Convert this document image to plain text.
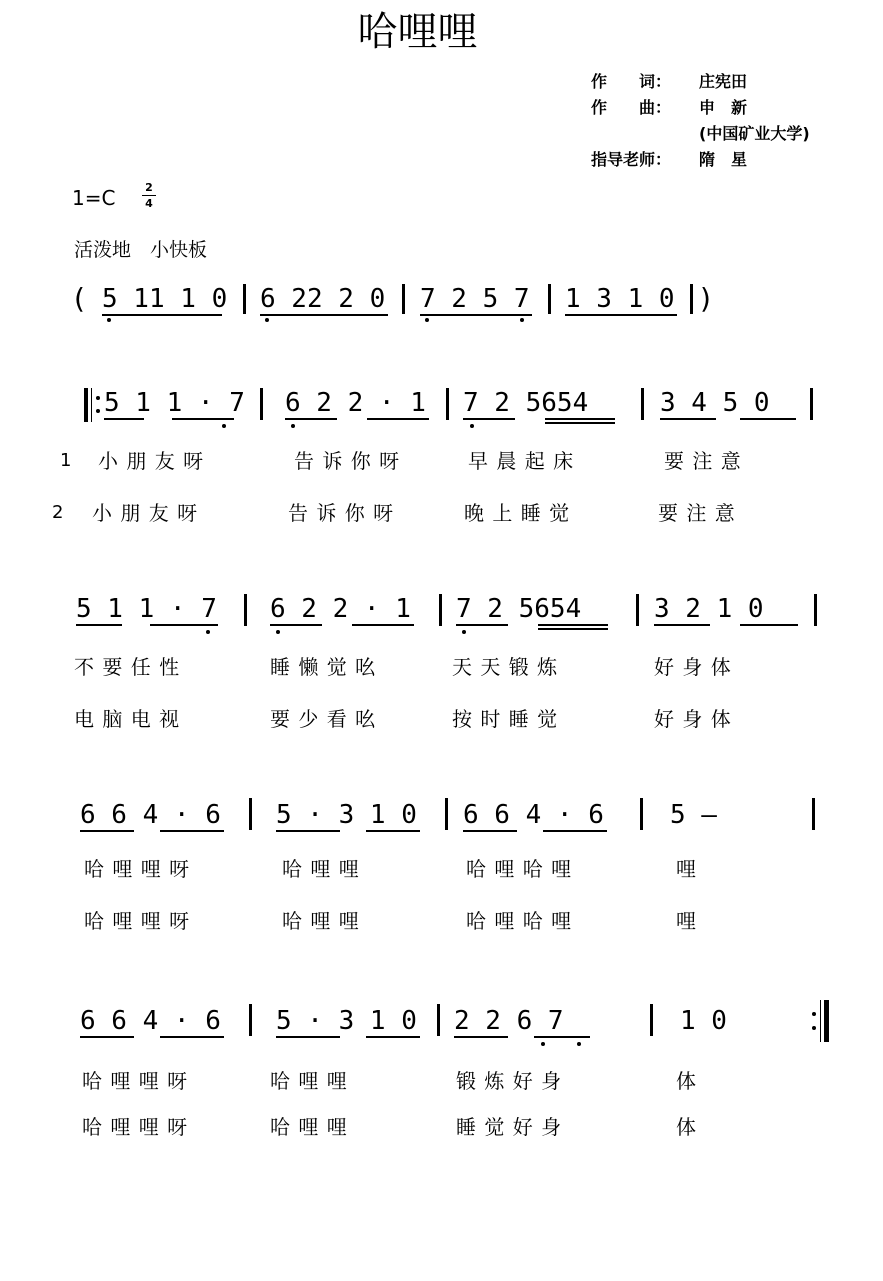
哈哩哩
作　　词： 庄宪田
作　　曲： 申　新
(中国矿业大学)
指导老师： 隋　星
1=C	2
4
活泼地　小快板
( 5 11 1 0 6 22 2 0 7 2 5 7 1 3 1 0 )
5 1 1 · 7 6 2 2 · 1 7 2 5654	3 4 5 0
1 小 朋 友 呀	告 诉 你 呀	早 晨 起 床	要 注 意
2 小 朋 友 呀	告 诉 你 呀	晚 上 睡 觉	要 注 意
5 1 1 · 7 6 2 2 · 1 7 2 5654	3 2 1 0
不 要 任 性	睡 懒 觉 吆	天 天 锻 炼	好 身 体
电 脑 电 视	要 少 看 吆	按 时 睡 觉	好 身 体
6 6 4 · 6 5 · 3 1 0 6 6 4 · 6	5 –
哈 哩 哩 呀	哈 哩 哩	哈 哩 哈 哩	哩
哈 哩 哩 呀	哈 哩 哩	哈 哩 哈 哩	哩
6 6 4 · 6 5 · 3 1 0 2 2 6 7	1 0
哈 哩 哩 呀	哈 哩 哩	锻 炼 好 身	体
哈 哩 哩 呀	哈 哩 哩	睡 觉 好 身	体
